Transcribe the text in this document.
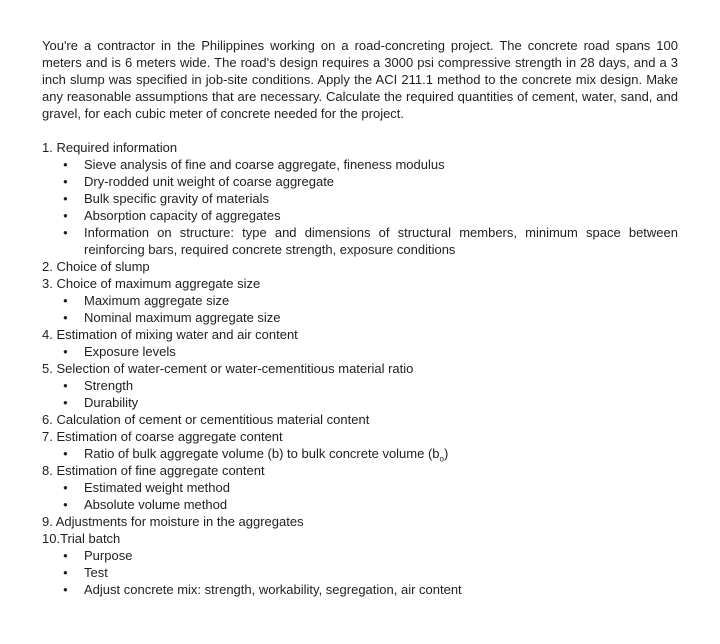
You're a contractor in the Philippines working on a road-concreting project. The concrete road spans 100 meters and is 6 meters wide. The road's design requires a 3000 psi compressive strength in 28 days, and a 3 inch slump was specified in job-site conditions. Apply the ACI 211.1 method to the concrete mix design. Make any reasonable assumptions that are necessary. Calculate the required quantities of cement, water, sand, and gravel, for each cubic meter of concrete needed for the project.

1. Required information
● Sieve analysis of fine and coarse aggregate, fineness modulus
● Dry-rodded unit weight of coarse aggregate
● Bulk specific gravity of materials
● Absorption capacity of aggregates
● Information on structure: type and dimensions of structural members, minimum space between reinforcing bars, required concrete strength, exposure conditions
2. Choice of slump
3. Choice of maximum aggregate size
● Maximum aggregate size
● Nominal maximum aggregate size
4. Estimation of mixing water and air content
● Exposure levels
5. Selection of water-cement or water-cementitious material ratio
● Strength
● Durability
6. Calculation of cement or cementitious material content
7. Estimation of coarse aggregate content
● Ratio of bulk aggregate volume (b) to bulk concrete volume $(b_o)$
8. Estimation of fine aggregate content
● Estimated weight method
● Absolute volume method
9. Adjustments for moisture in the aggregates
10.Trial batch
● Purpose
● Test
● Adjust concrete mix: strength, workability, segregation, air content
